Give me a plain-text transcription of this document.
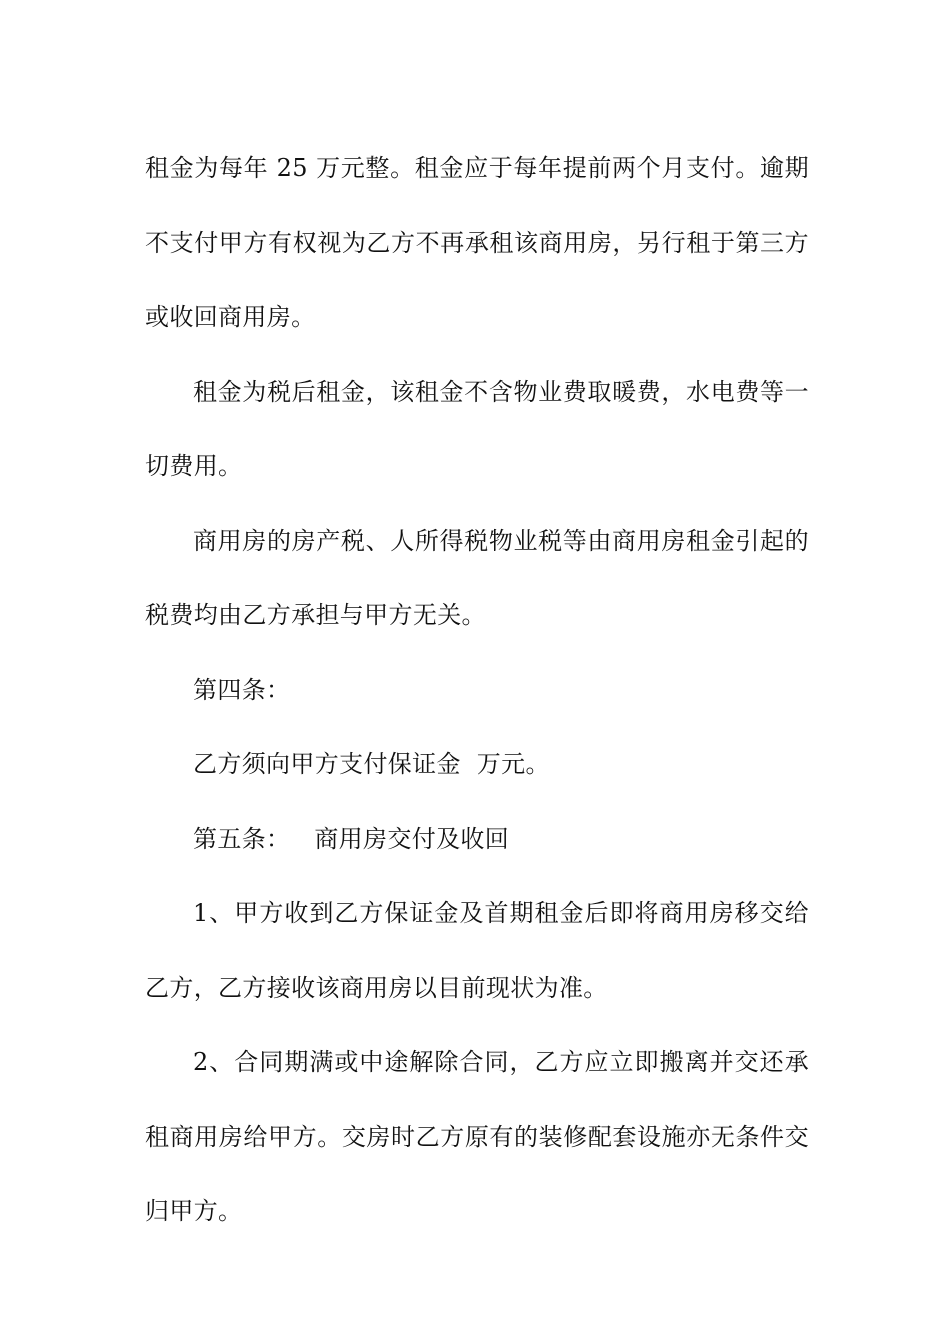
租金为每年 25 万元整。租金应于每年提前两个月支付。逾期不支付甲方有权视为乙方不再承租该商用房，另行租于第三方或收回商用房。

租金为税后租金，该租金不含物业费取暖费，水电费等一切费用。

商用房的房产税、人所得税物业税等由商用房租金引起的税费均由乙方承担与甲方无关。

第四条：

乙方须向甲方支付保证金  万元。

第五条：   商用房交付及收回

1、甲方收到乙方保证金及首期租金后即将商用房移交给乙方，乙方接收该商用房以目前现状为准。

2、合同期满或中途解除合同，乙方应立即搬离并交还承租商用房给甲方。交房时乙方原有的装修配套设施亦无条件交归甲方。
